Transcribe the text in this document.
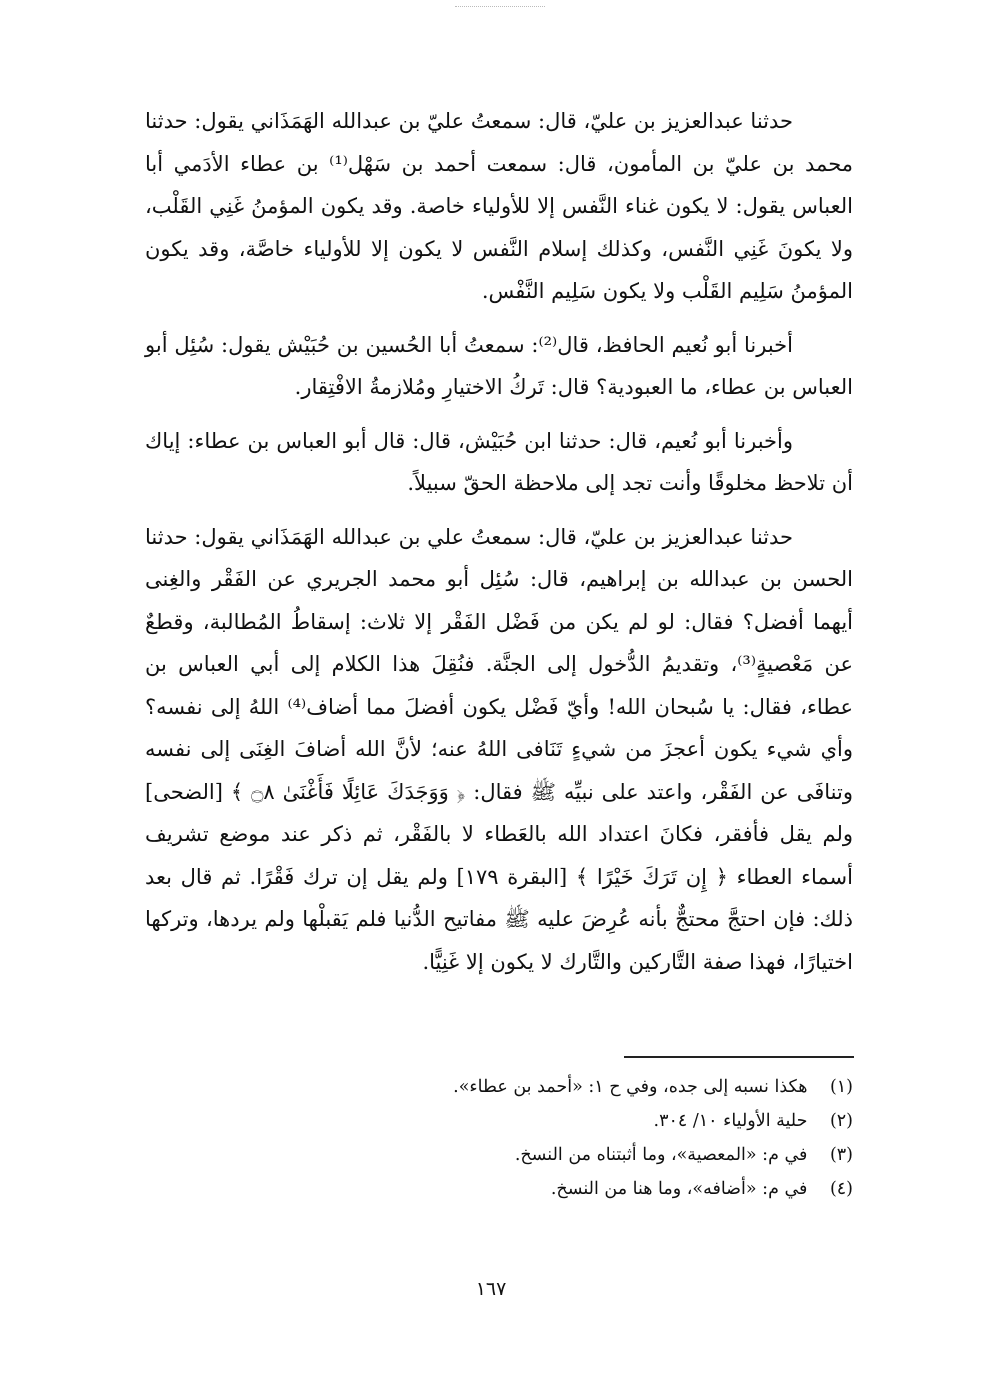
حدثنا عبدالعزيز بن عليّ، قال: سمعتُ عليّ بن عبدالله الهَمَذَاني يقول: حدثنا محمد بن عليّ بن المأمون، قال: سمعت أحمد بن سَهْل⁽¹⁾ بن عطاء الأدَمي أبا العباس يقول: لا يكون غناء النَّفس إلا للأولياء خاصة. وقد يكون المؤمنُ غَنِي القَلْب، ولا يكونَ غَنِي النَّفس، وكذلك إسلام النَّفس لا يكون إلا للأولياء خاصَّة، وقد يكون المؤمنُ سَلِيم القَلْب ولا يكون سَلِيم النَّفْس.

أخبرنا أبو نُعيم الحافظ، قال⁽²⁾: سمعتُ أبا الحُسين بن حُبَيْش يقول: سُئِل أبو العباس بن عطاء، ما العبودية؟ قال: تَركُ الاختيارِ ومُلازمةُ الافْتِقار.

وأخبرنا أبو نُعيم، قال: حدثنا ابن حُبَيْش، قال: قال أبو العباس بن عطاء: إياك أن تلاحظ مخلوقًا وأنت تجد إلى ملاحظة الحقّ سبيلاً.

حدثنا عبدالعزيز بن عليّ، قال: سمعتُ علي بن عبدالله الهَمَذَاني يقول: حدثنا الحسن بن عبدالله بن إبراهيم، قال: سُئِل أبو محمد الجريري عن الفَقْر والغِنى أيهما أفضل؟ فقال: لو لم يكن من فَضْل الفَقْر إلا ثلاث: إسقاطُ المُطالبة، وقطعٌ عن مَعْصيةٍ⁽³⁾، وتقديمُ الدُّخول إلى الجنَّة. فنُقِلَ هذا الكلام إلى أبي العباس بن عطاء، فقال: يا سُبحان الله! وأيّ فَضْل يكون أفضلَ مما أضاف⁽⁴⁾ اللهُ إلى نفسه؟ وأي شيء يكون أعجزَ من شيءٍ تَنَافى اللهُ عنه؛ لأنَّ الله أضافَ الغِنَى إلى نفسه وتنافَى عن الفَقْر، واعتد على نبيِّه ﷺ فقال: ﴿ وَوَجَدَكَ عَائِلًا فَأَغْنَىٰ ۝٨ ﴾ [الضحى] ولم يقل فأفقر، فكانَ اعتداد الله بالعَطاء لا بالفَقْر، ثم ذكر عند موضع تشريف أسماء العطاء ﴿ إِن تَرَكَ خَيْرًا ﴾ [البقرة ١٧٩] ولم يقل إن ترك فَقْرًا. ثم قال بعد ذلك: فإن احتجَّ محتجٌّ بأنه عُرِضَ عليه ﷺ مفاتيح الدُّنيا فلم يَقبلْها ولم يردها، وتركها اختيارًا، فهذا صفة التَّاركين والتَّارك لا يكون إلا غَنِيًّا.

(١) هكذا نسبه إلى جده، وفي ح ١: «أحمد بن عطاء».
(٢) حلية الأولياء ١٠/ ٣٠٤.
(٣) في م: «المعصية»، وما أثبتناه من النسخ.
(٤) في م: «أضافه»، وما هنا من النسخ.
١٦٧
